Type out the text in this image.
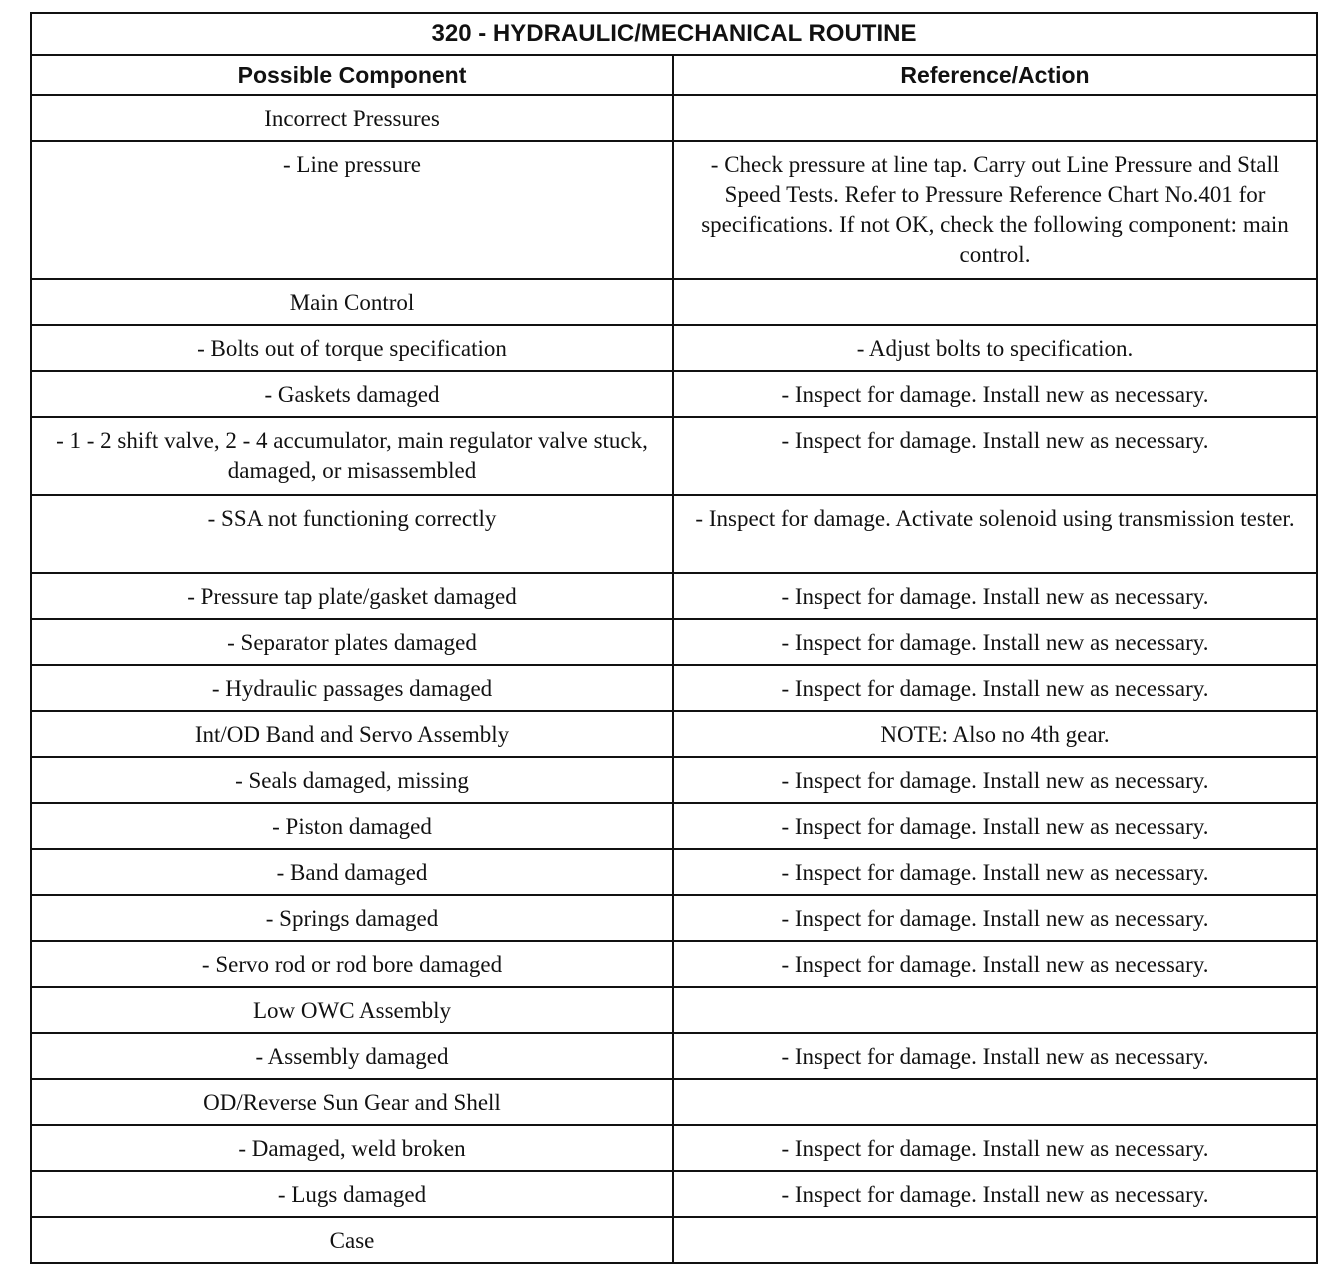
320 - HYDRAULIC/MECHANICAL ROUTINE	
Possible Component	Reference/Action
Incorrect Pressures	
- Line pressure	- Check pressure at line tap. Carry out Line Pressure and Stall Speed Tests. Refer to Pressure Reference Chart No.401 for specifications. If not OK, check the following component: main control.
Main Control	
- Bolts out of torque specification	- Adjust bolts to specification.
- Gaskets damaged	- Inspect for damage. Install new as necessary.
- 1 - 2 shift valve, 2 - 4 accumulator, main regulator valve stuck, damaged, or misassembled	- Inspect for damage. Install new as necessary.
- SSA not functioning correctly	- Inspect for damage. Activate solenoid using transmission tester.
- Pressure tap plate/gasket damaged	- Inspect for damage. Install new as necessary.
- Separator plates damaged	- Inspect for damage. Install new as necessary.
- Hydraulic passages damaged	- Inspect for damage. Install new as necessary.
Int/OD Band and Servo Assembly	NOTE: Also no 4th gear.
- Seals damaged, missing	- Inspect for damage. Install new as necessary.
- Piston damaged	- Inspect for damage. Install new as necessary.
- Band damaged	- Inspect for damage. Install new as necessary.
- Springs damaged	- Inspect for damage. Install new as necessary.
- Servo rod or rod bore damaged	- Inspect for damage. Install new as necessary.
Low OWC Assembly	
- Assembly damaged	- Inspect for damage. Install new as necessary.
OD/Reverse Sun Gear and Shell	
- Damaged, weld broken	- Inspect for damage. Install new as necessary.
- Lugs damaged	- Inspect for damage. Install new as necessary.
Case	
